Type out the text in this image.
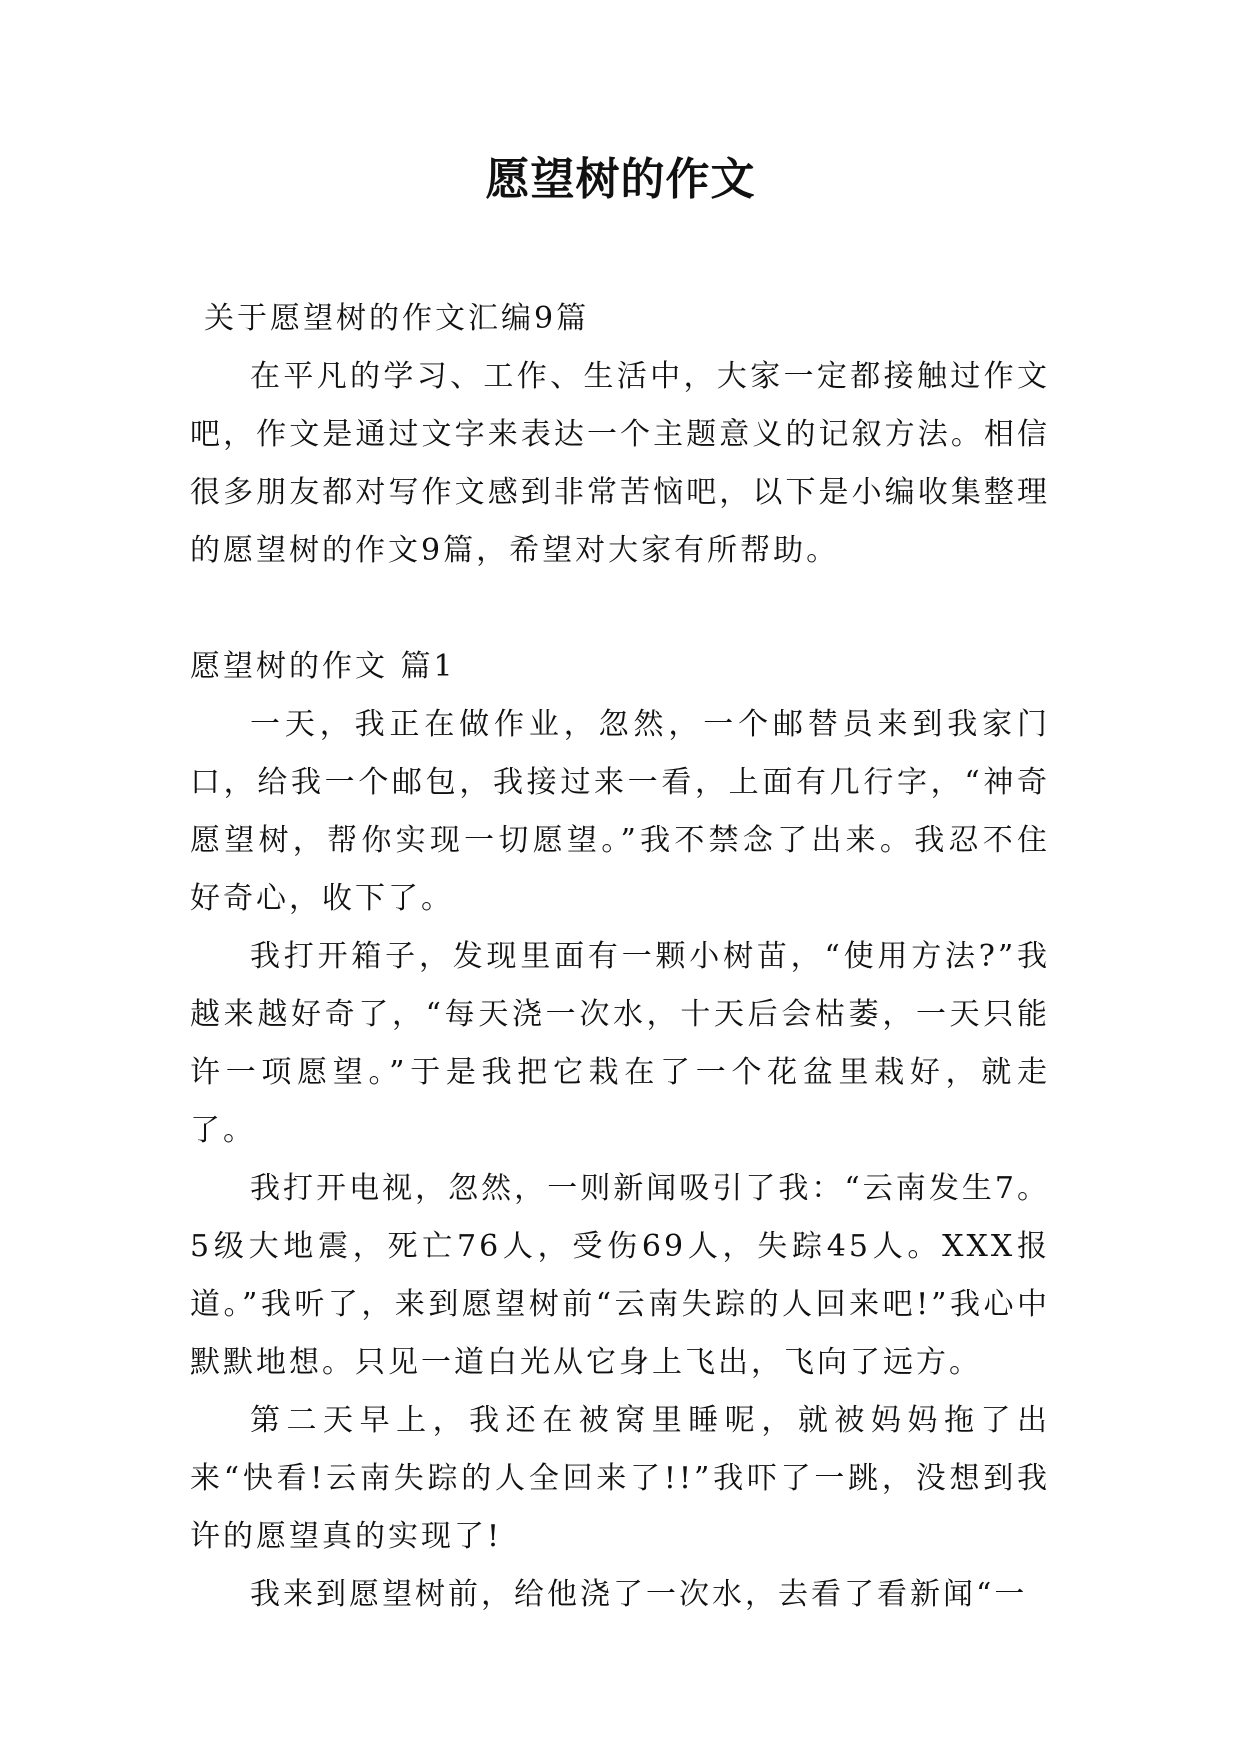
愿望树的作文

关于愿望树的作文汇编9篇

在平凡的学习、工作、生活中，大家一定都接触过作文吧，作文是通过文字来表达一个主题意义的记叙方法。相信很多朋友都对写作文感到非常苦恼吧，以下是小编收集整理的愿望树的作文9篇，希望对大家有所帮助。

愿望树的作文 篇1

一天，我正在做作业，忽然，一个邮替员来到我家门口，给我一个邮包，我接过来一看，上面有几行字，“神奇愿望树，帮你实现一切愿望。”我不禁念了出来。我忍不住好奇心，收下了。

我打开箱子，发现里面有一颗小树苗，“使用方法?”我越来越好奇了，“每天浇一次水，十天后会枯萎，一天只能许一项愿望。”于是我把它栽在了一个花盆里栽好，就走了。

我打开电视，忽然，一则新闻吸引了我：“云南发生7。5级大地震，死亡76人，受伤69人，失踪45人。XXX报道。”我听了，来到愿望树前“云南失踪的人回来吧!”我心中默默地想。只见一道白光从它身上飞出，飞向了远方。

第二天早上，我还在被窝里睡呢，就被妈妈拖了出来“快看!云南失踪的人全回来了!!”我吓了一跳，没想到我许的愿望真的实现了!

我来到愿望树前，给他浇了一次水，去看了看新闻“一
